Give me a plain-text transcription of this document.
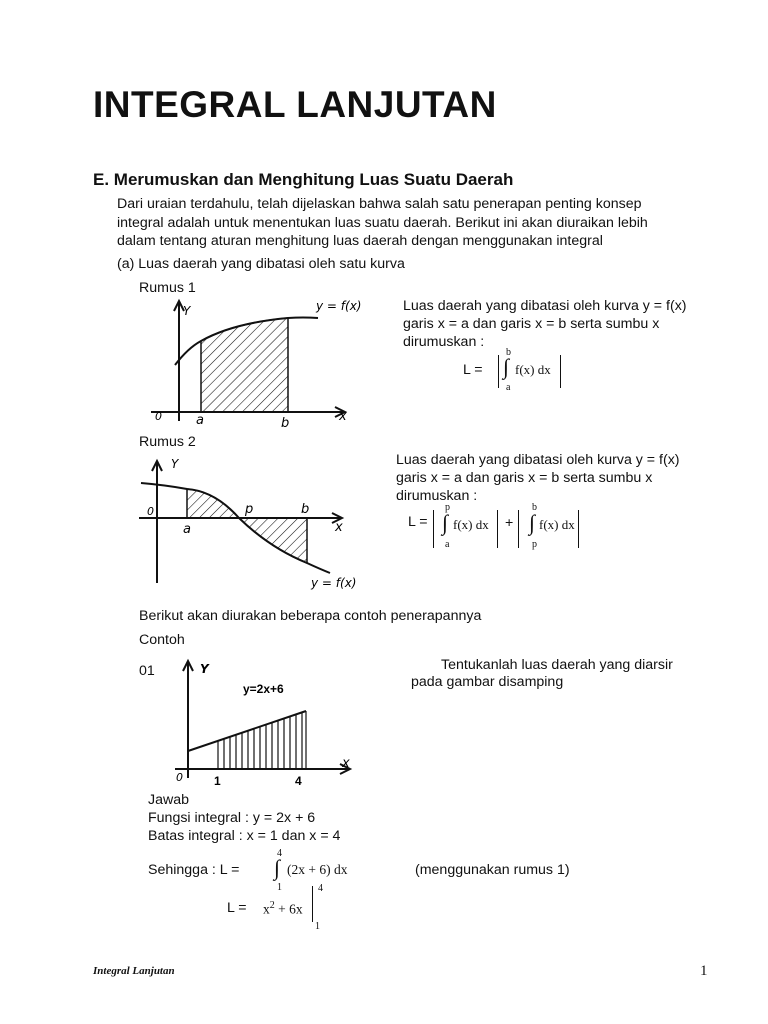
INTEGRAL LANJUTAN
E. Merumuskan dan Menghitung Luas Suatu Daerah
Dari uraian terdahulu, telah dijelaskan bahwa salah satu penerapan penting konsep
integral adalah untuk menentukan luas suatu daerah. Berikut ini akan diuraikan lebih
dalam tentang aturan menghitung luas daerah dengan menggunakan integral
(a) Luas daerah yang dibatasi oleh satu kurva
Rumus 1
Y
x
0	a	b
y = f(x)	Luas daerah yang dibatasi oleh kurva y = f(x)
garis x = a dan garis x = b serta sumbu x
dirumuskan :
L =
b
∫
a
f(x) dx
Rumus 2
Y
x
0
a
p	b
y = f(x)
Luas daerah yang dibatasi oleh kurva y = f(x)
garis x = a dan garis x = b serta sumbu x
dirumuskan :
L =
p
∫
a
f(x) dx +
b
∫
p
f(x) dx
Berikut akan diurakan beberapa contoh penerapannya
Contoh
01	Y
x
0
y=2x+6
1	4
Tentukanlah luas daerah yang diarsir
pada gambar disamping
Jawab
Fungsi integral : y = 2x + 6
Batas integral : x = 1 dan x = 4
Sehingga : L =
4
∫
1
(2x + 6) dx	(menggunakan rumus 1)
$L = x^2 + 6x$
4
1
Integral Lanjutan	1
